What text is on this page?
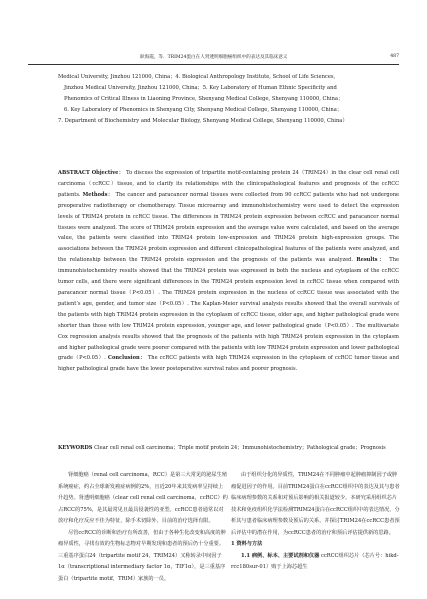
耿海霞，等．TRIM24蛋白在人肾透明细胞癌组织中的表达及其临床意义	487
Medical University, Jinzhou 121000, China；4. Biological Anthropology Institute, School of Life Sciences,
Jinzhou Medical University, Jinzhou 121000, China；5. Key Laboratory of Human Ethnic Specificity and
Phenomics of Critical Illness in Liaoning Province, Shenyang Medical College, Shenyang 110000, China；
6. Key Laboratory of Phenomics in Shenyang City, Shenyang Medical College, Shenyang 110000, China；
7. Department of Biochemistry and Molecular Biology, Shenyang Medical College, Shenyang 110000, China）
ABSTRACT Objective： To discuss the expression of tripartite motif-containing protein 24（TRIM24）in the clear cell renal cell carcinoma（ccRCC）tissue, and to clarify its relationships with the clinicopathological features and prognosis of the ccRCC patients. Methods： The cancer and paracancer normal tissues were collected from 90 ccRCC patients who had not undergone preoperative radiotherapy or chemotherapy. Tissue microarray and immunohistochemistry were used to detect the expression levels of TRIM24 protein in ccRCC tissue. The differences in TRIM24 protein expression between ccRCC and paracancer normal tissues were analyzed. The score of TRIM24 protein expression and the average value were calculated, and based on the average value, the patients were classified into TRIM24 protein low-expression and TRIM24 protein high-expression groups. The associations between the TRIM24 protein expression and different clinicopathological features of the patients were analyzed, and the relationship between the TRIM24 protein expression and the prognosis of the patients was analyzed. Results： The immunohistochemistry results showed that the TRIM24 protein was expressed in both the nucleus and cytoplasm of the ccRCC tumor cells, and there were significant differences in the TRIM24 protein expression level in ccRCC tissue when compared with paracancer normal tissue（P<0.05）. The TRIM24 protein expression in the nucleus of ccRCC tissue was associated with the patient’s age, gender, and tumor size（P<0.05）. The Kaplan-Meier survival analysis results showed that the overall survivals of the patients with high TRIM24 protein expression in the cytoplasm of ccRCC tissue, older age, and higher pathological grade were shorter than those with low TRIM24 protein expression, younger age, and lower pathological grade（P<0.05）. The multivariate Cox regression analysis results showed that the prognosis of the patients with high TRIM24 protein expression in the cytoplasm and higher pathological grade were poorer compared with the patients with low TRIM24 protein expression and lower pathological grade（P<0.05）. Conclusion： The ccRCC patients with high TRIM24 expression in the cytoplasm of ccRCC tumor tissue and higher pathological grade have the lower postoperative survival rates and poorer prognosis.
KEYWORDS Clear cell renal cell carcinoma；Triple motif protein 24；Immunohistochemistry；Pathological grade；Prognosis

肾细胞癌（renal cell carcinoma，RCC）是第三大常见的泌尿生殖系统癌症，约占全球新发癌症病例的2%，且近20年来其发病率呈持续上升趋势。肾透明细胞癌（clear cell renal cell carcinoma，ccRCC）约占RCC的75%，是其最常见且最具侵袭性的亚型。ccRCC患者通常以对放疗和化疗反应不佳为特征，除手术切除外，目前的治疗选择有限。

尽管ccRCC的诊断和治疗有所改善，但由于各种生化改变和高度的肿瘤异质性，寻找有效的生物标志物对早期发现和患者的预后仍十分重要。三重基序蛋白24（tripartite motif 24，TRIM24）又称转录中间因子1α（transcriptional intermediary factor 1α，TIF1α），是三重基序蛋白（tripartite motif，TRIM）家族的一员。

由于组织分化的异质性，TRIM24在不同肿瘤中起肿瘤抑制因子或肿瘤促进因子的作用。目前TRIM24蛋白在ccRCC组织中的表达及其与患者临床病理参数的关系和对预后影响的相关报道较少。本研究采用组织芯片技术和免疫组织化学法检测TRIM24蛋白在ccRCC组织中的表达情况，分析其与患者临床病理参数及预后的关系，并探讨TRIM24在ccRCC患者预后评估中的潜在作用，为ccRCC患者的治疗和预后评估提供新的思路。

1 资料与方法

1.1 病例、标本、主要试剂和仪器 ccRCC组织芯片（芯片号：hikd-rcc180sur-01）购于上海芯超生
